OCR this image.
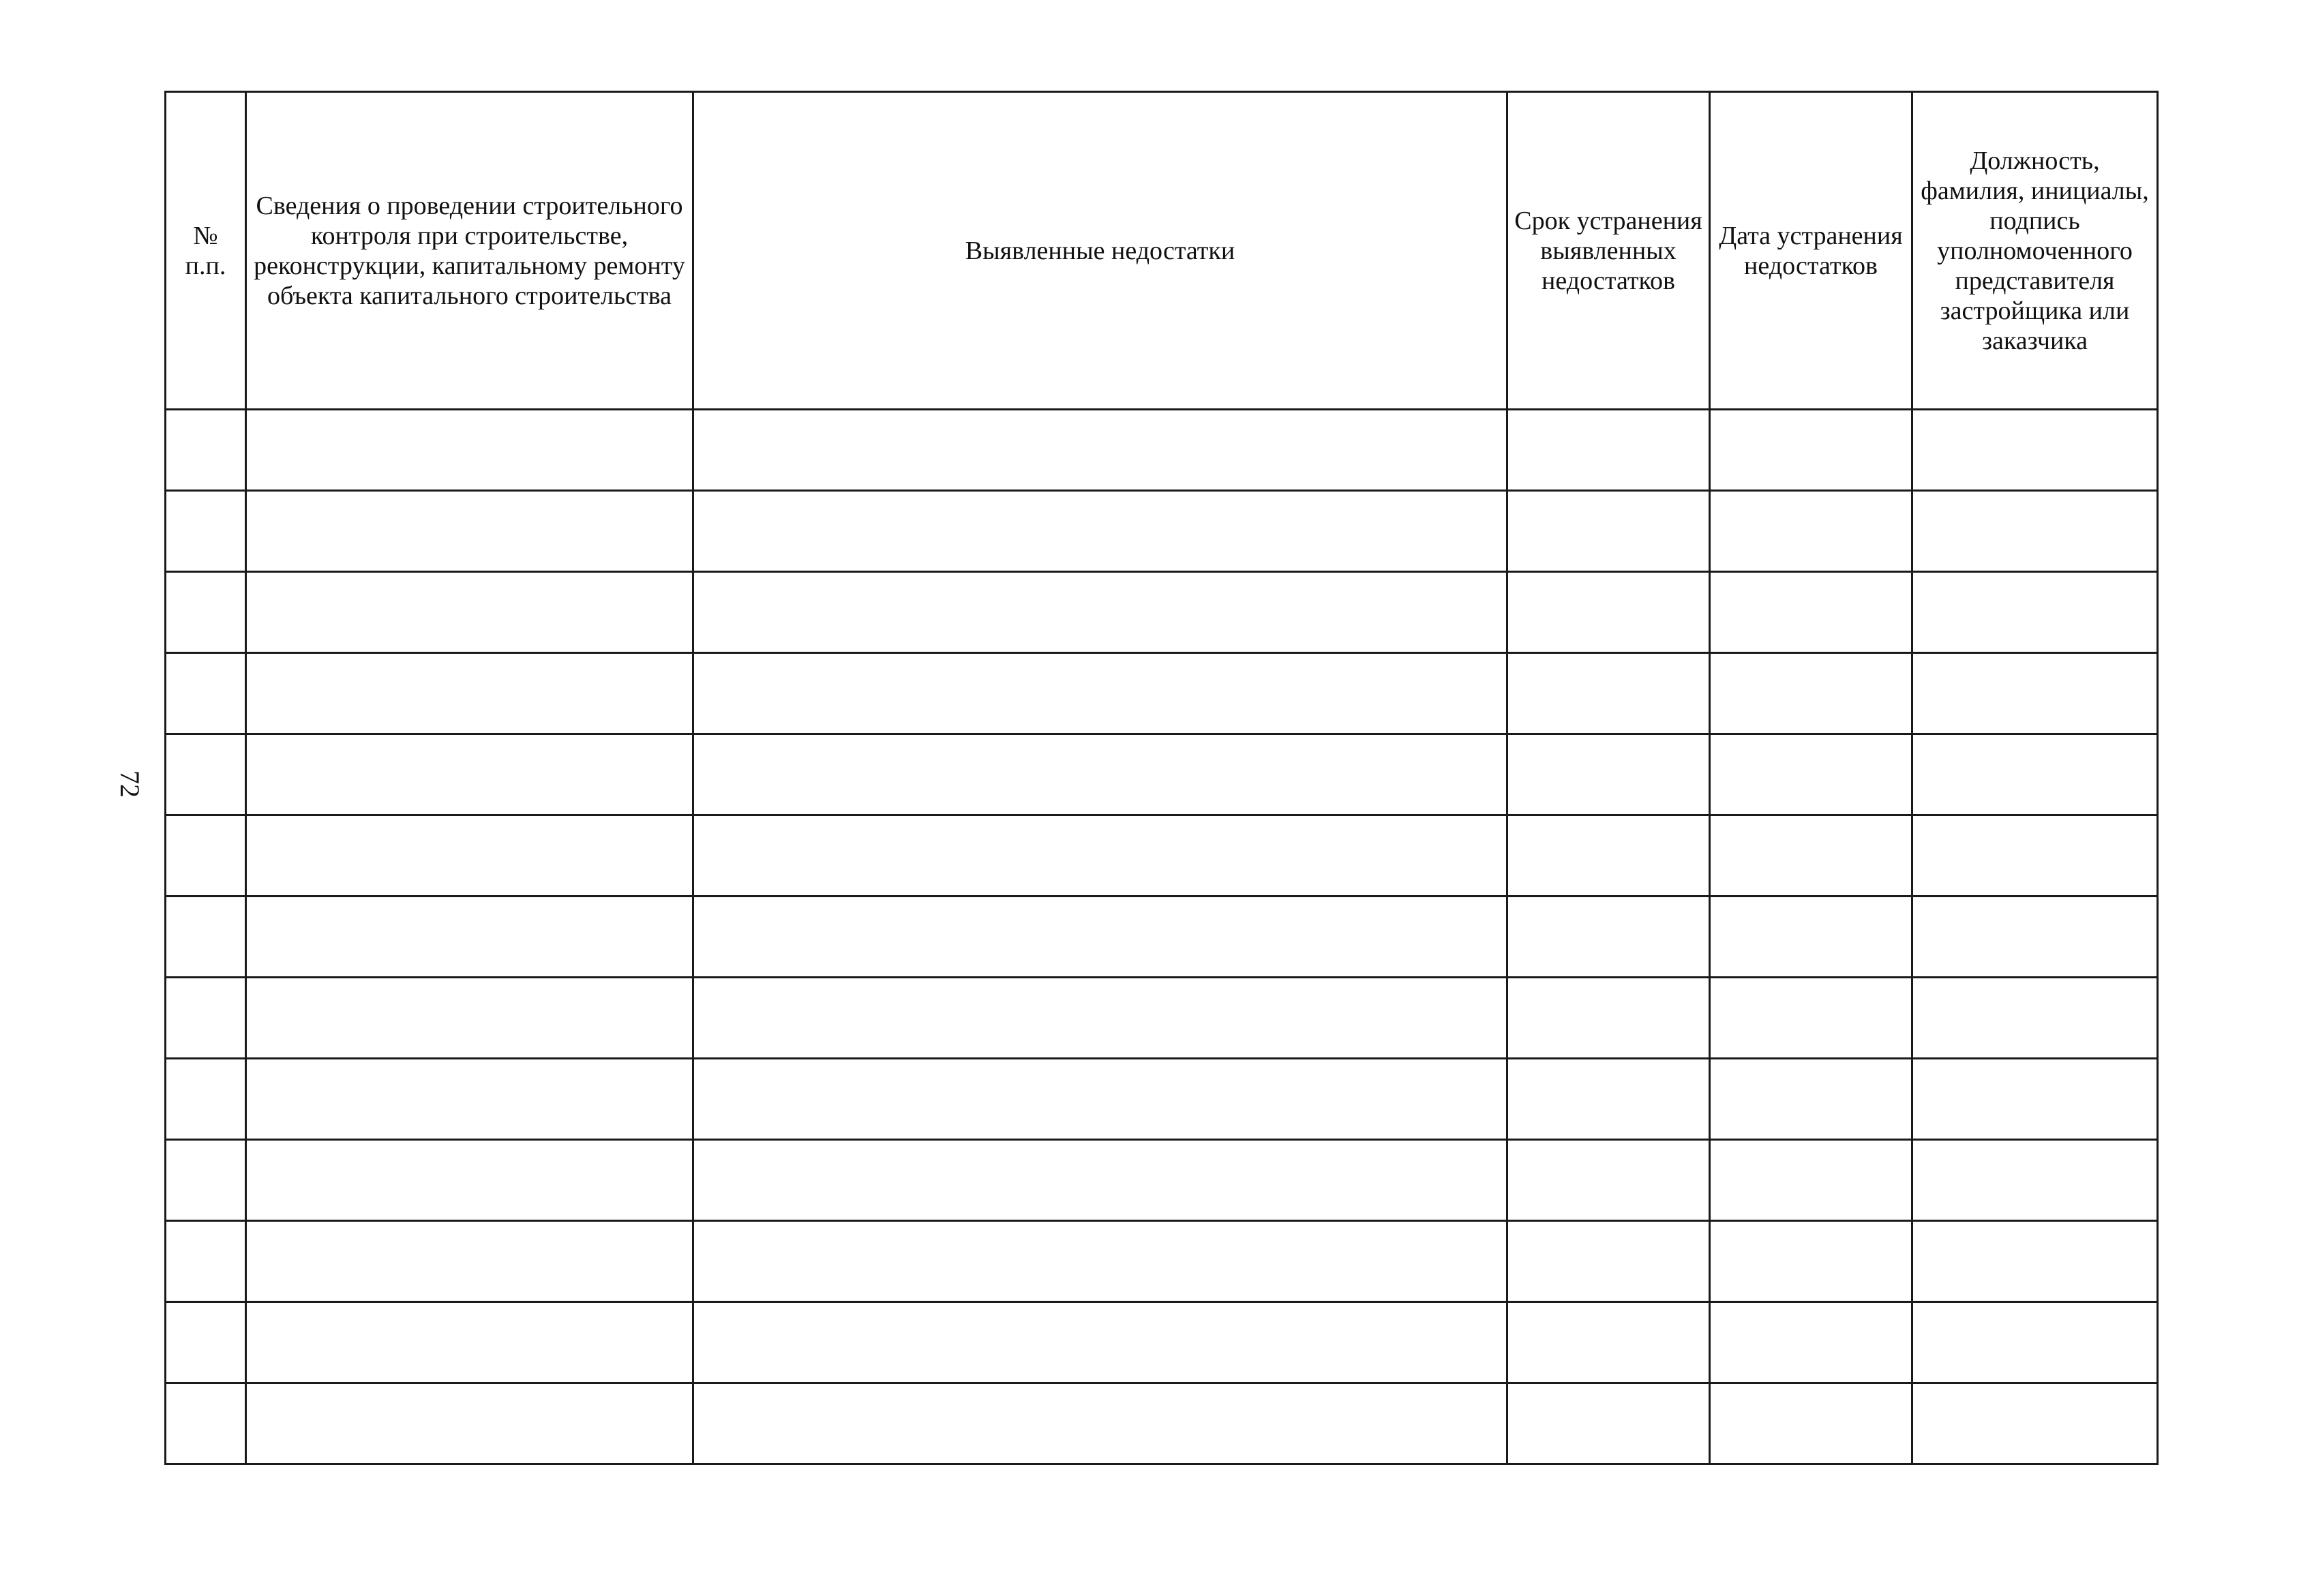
72
№ п.п.	Сведения о проведении строительного контроля при строительстве, реконструкции, капитальному ремонту объекта капитального строительства	Выявленные недостатки	Срок устранения выявленных недостатков	Дата устранения недостатков	Должность, фамилия, инициалы, подпись уполномоченного представителя застройщика или заказчика
